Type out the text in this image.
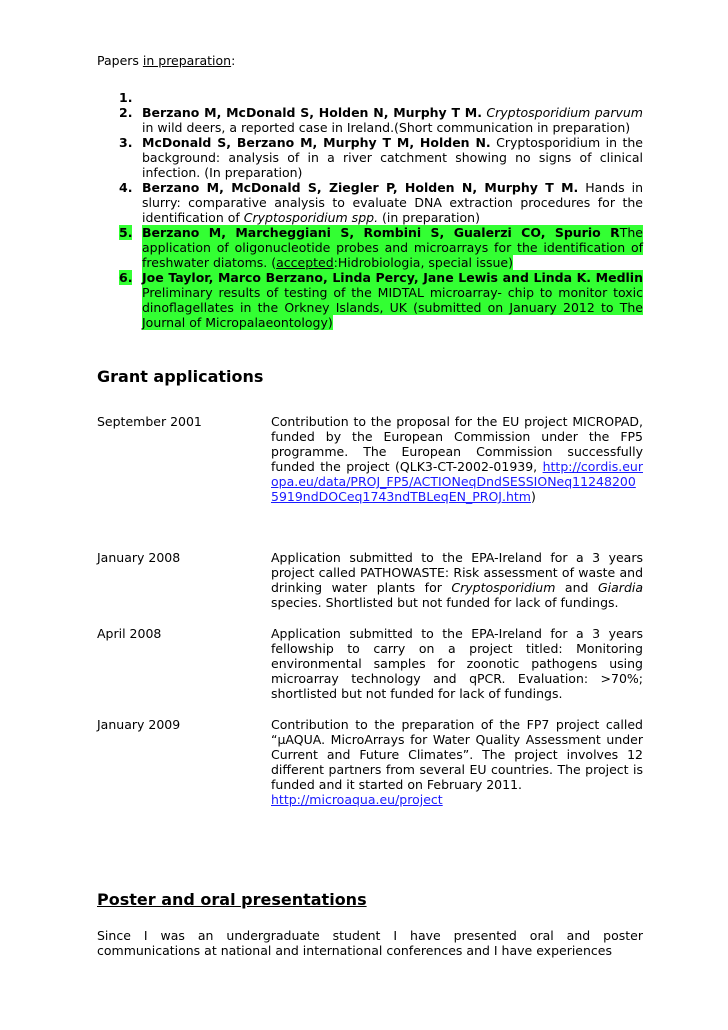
Papers in preparation:
1.
2. Berzano M, McDonald S, Holden N, Murphy T M. Cryptosporidium parvum in wild deers, a reported case in Ireland.(Short communication in preparation)
3. McDonald S, Berzano M, Murphy T M, Holden N. Cryptosporidium in the background: analysis of in a river catchment showing no signs of clinical infection. (In preparation)
4. Berzano M, McDonald S, Ziegler P, Holden N, Murphy T M. Hands in slurry: comparative analysis to evaluate DNA extraction procedures for the identification of Cryptosporidium spp. (in preparation)
5. Berzano M, Marcheggiani S, Rombini S, Gualerzi CO, Spurio RThe application of oligonucleotide probes and microarrays for the identification of freshwater diatoms. (accepted:Hidrobiologia, special issue)
6. Joe Taylor, Marco Berzano, Linda Percy, Jane Lewis and Linda K. Medlin Preliminary results of testing of the MIDTAL microarray- chip to monitor toxic dinoflagellates in the Orkney Islands, UK (submitted on January 2012 to The Journal of Micropalaeontology)
Grant applications
September 2001	Contribution to the proposal for the EU project MICROPAD, funded by the European Commission under the FP5 programme. The European Commission successfully funded the project (QLK3-CT-2002-01939, http://cordis.europa.eu/data/PROJ_FP5/ACTIONeqDndSESSIONeq112482005919ndDOCeq1743ndTBLeqEN_PROJ.htm)
January 2008	Application submitted to the EPA-Ireland for a 3 years project called PATHOWASTE: Risk assessment of waste and drinking water plants for Cryptosporidium and Giardia species. Shortlisted but not funded for lack of fundings.
April 2008	Application submitted to the EPA-Ireland for a 3 years fellowship to carry on a project titled: Monitoring environmental samples for zoonotic pathogens using microarray technology and qPCR. Evaluation: >70%; shortlisted but not funded for lack of fundings.
January 2009	Contribution to the preparation of the FP7 project called “µAQUA. MicroArrays for Water Quality Assessment under Current and Future Climates”. The project involves 12 different partners from several EU countries. The project is funded and it started on February 2011.
http://microaqua.eu/project
Poster and oral presentations
Since I was an undergraduate student I have presented oral and poster communications at national and international conferences and I have experiences
